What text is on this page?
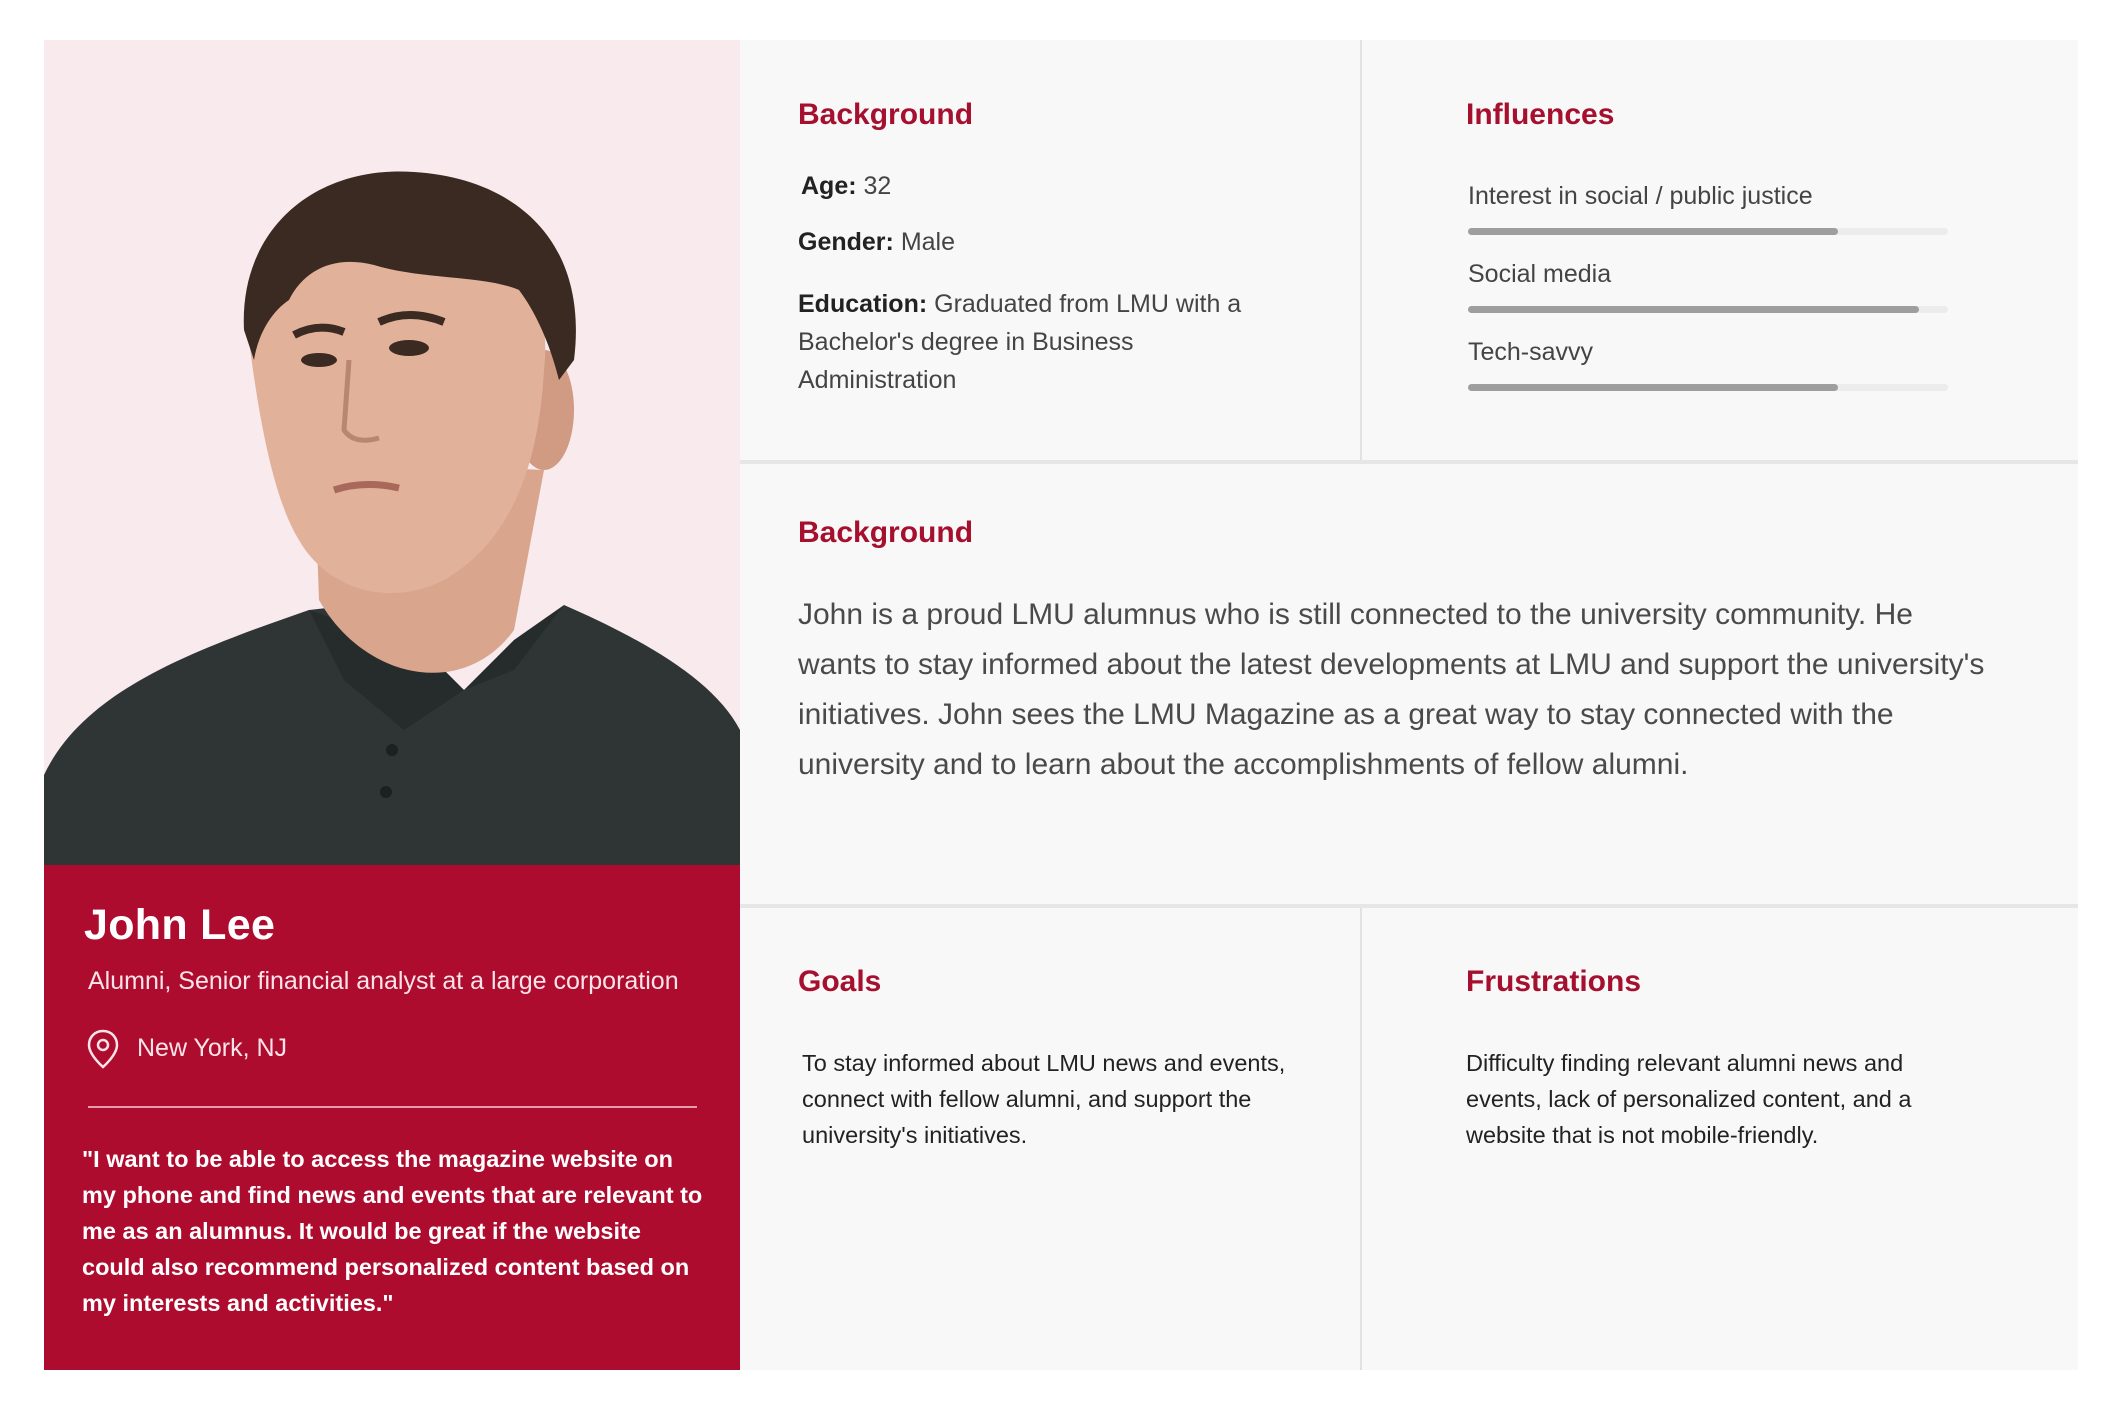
John Lee
Alumni, Senior financial analyst at a large corporation
New York, NJ
"I want to be able to access the magazine website on my phone and find news and events that are relevant to me as an alumnus. It would be great if the website could also recommend personalized content based on my interests and activities."
Background
Age: 32
Gender: Male
Education: Graduated from LMU with a Bachelor's degree in Business Administration
Influences
Interest in social / public justice
Social media
Tech-savvy
Background
John is a proud LMU alumnus who is still connected to the university community. He wants to stay informed about the latest developments at LMU and support the university's initiatives. John sees the LMU Magazine as a great way to stay connected with the university and to learn about the accomplishments of fellow alumni.
Goals
To stay informed about LMU news and events, connect with fellow alumni, and support the university's initiatives.
Frustrations
Difficulty finding relevant alumni news and events, lack of personalized content, and a website that is not mobile-friendly.
